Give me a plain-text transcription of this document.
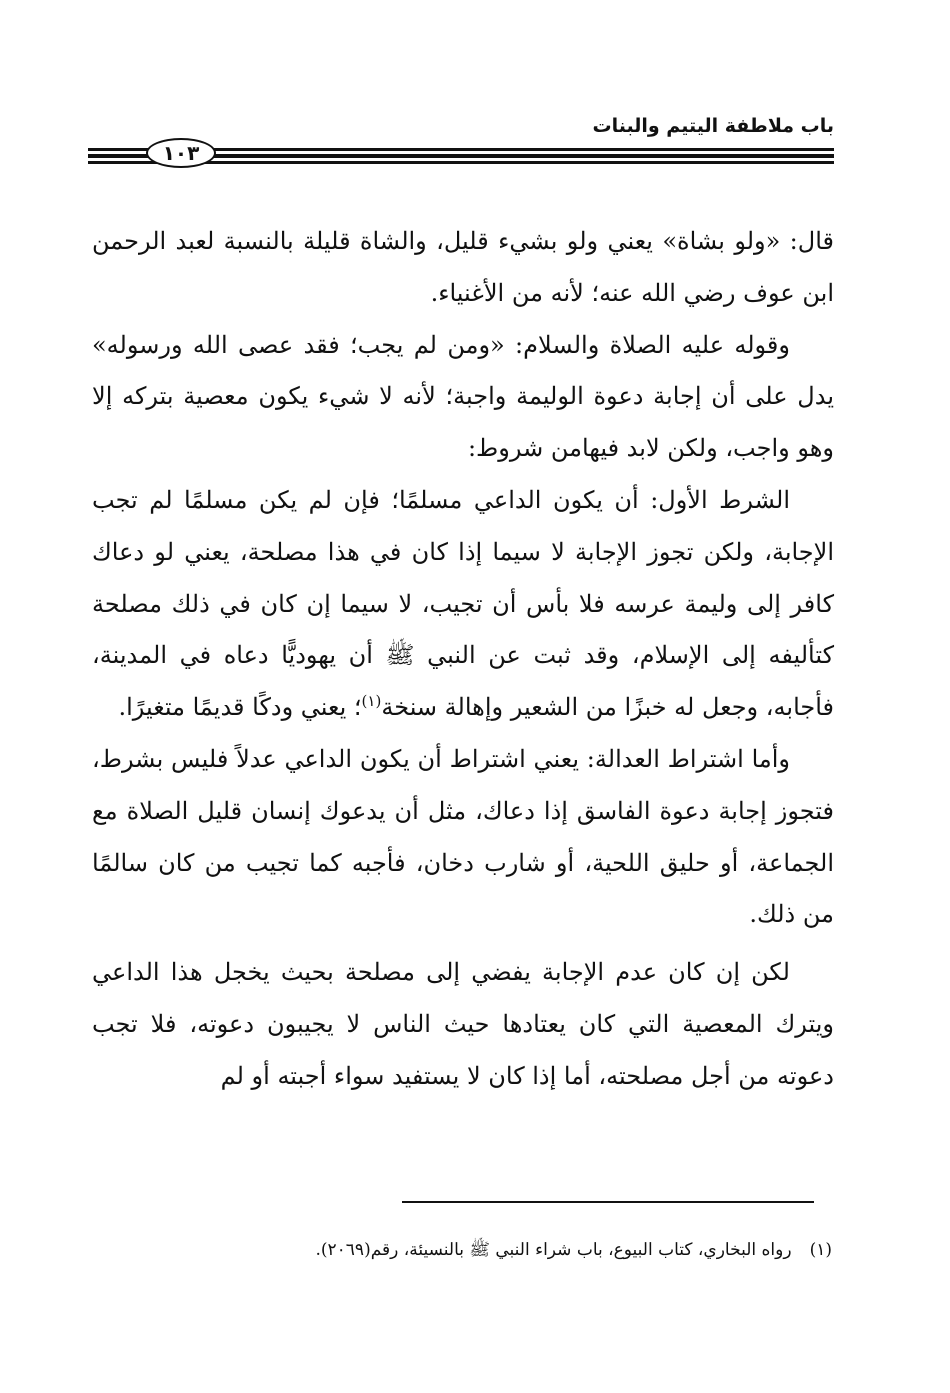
باب ملاطفة اليتيم والبنات
١٠٣

قال: «ولو بشاة» يعني ولو بشيء قليل، والشاة قليلة بالنسبة لعبد الرحمن ابن عوف رضي الله عنه؛ لأنه من الأغنياء.

وقوله عليه الصلاة والسلام: «ومن لم يجب؛ فقد عصى الله ورسوله» يدل على أن إجابة دعوة الوليمة واجبة؛ لأنه لا شيء يكون معصية بتركه إلا وهو واجب، ولكن لابد فيهامن شروط:

الشرط الأول: أن يكون الداعي مسلمًا؛ فإن لم يكن مسلمًا لم تجب الإجابة، ولكن تجوز الإجابة لا سيما إذا كان في هذا مصلحة، يعني لو دعاك كافر إلى وليمة عرسه فلا بأس أن تجيب، لا سيما إن كان في ذلك مصلحة كتأليفه إلى الإسلام، وقد ثبت عن النبي ﷺ أن يهوديًّا دعاه في المدينة، فأجابه، وجعل له خبزًا من الشعير وإهالة سنخة$^{(١)}$؛ يعني ودكًا قديمًا متغيرًا.

وأما اشتراط العدالة: يعني اشتراط أن يكون الداعي عدلاً فليس بشرط، فتجوز إجابة دعوة الفاسق إذا دعاك، مثل أن يدعوك إنسان قليل الصلاة مع الجماعة، أو حليق اللحية، أو شارب دخان، فأجبه كما تجيب من كان سالمًا من ذلك.

لكن إن كان عدم الإجابة يفضي إلى مصلحة بحيث يخجل هذا الداعي ويترك المعصية التي كان يعتادها حيث الناس لا يجيبون دعوته، فلا تجب دعوته من أجل مصلحته، أما إذا كان لا يستفيد سواء أجبته أو لم

(١)رواه البخاري، كتاب البيوع، باب شراء النبي ﷺ بالنسيئة، رقم(٢٠٦٩).
